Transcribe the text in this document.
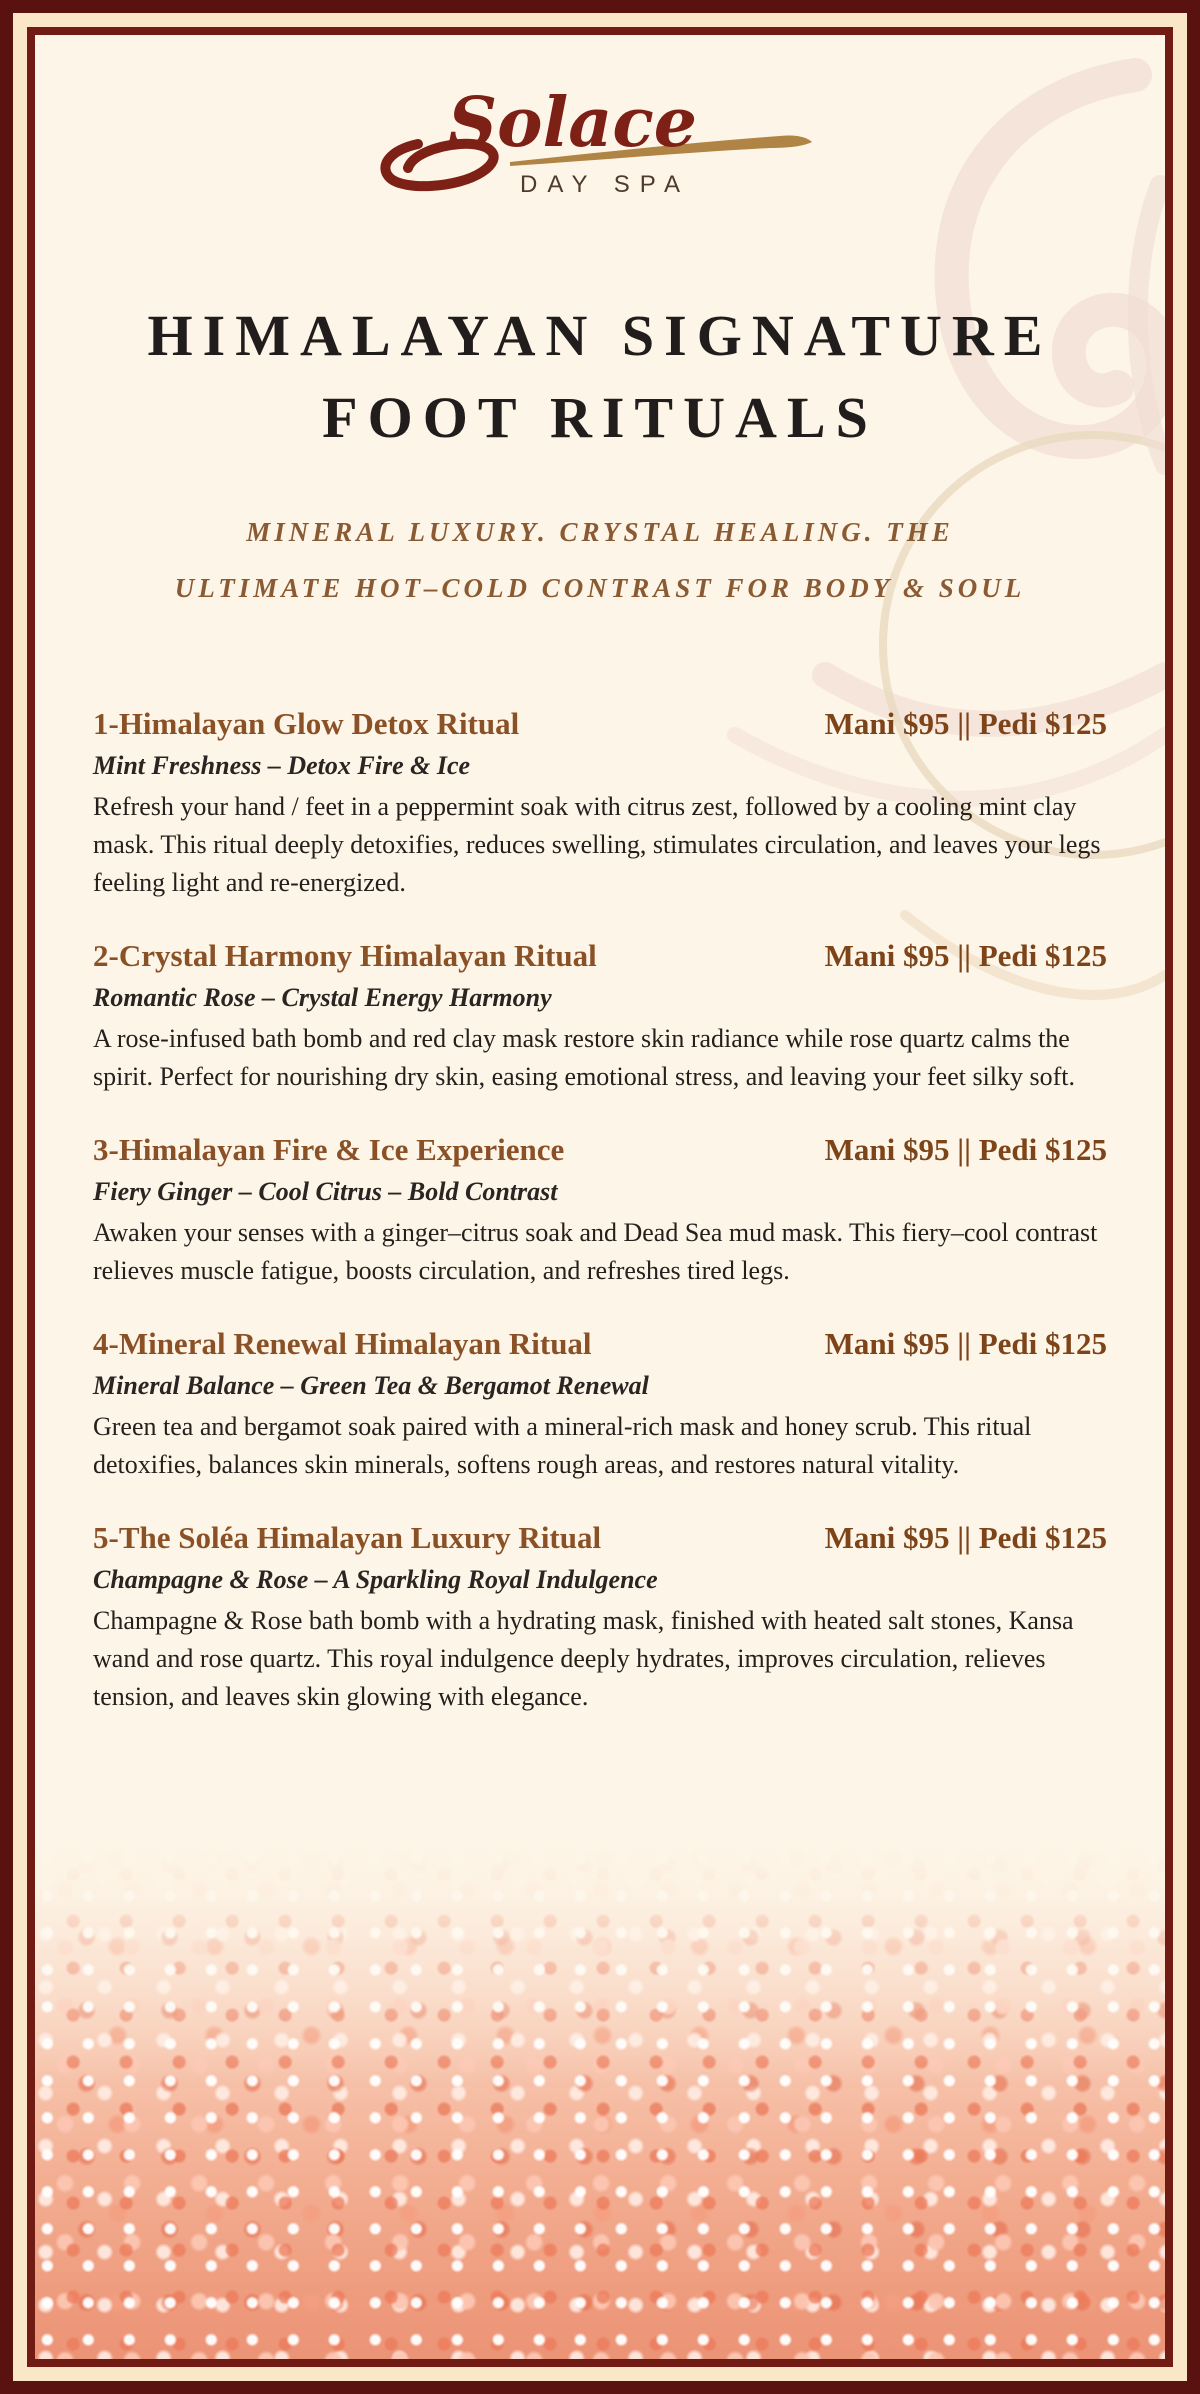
Solace
DAY SPA
HIMALAYAN SIGNATURE
FOOT RITUALS
MINERAL LUXURY. CRYSTAL HEALING. THE
ULTIMATE HOT–COLD CONTRAST FOR BODY & SOUL
1-Himalayan Glow Detox Ritual	Mani $95 || Pedi $125
Mint Freshness – Detox Fire & Ice
Refresh your hand / feet in a peppermint soak with citrus zest, followed by a cooling mint clay mask. This ritual deeply detoxifies, reduces swelling, stimulates circulation, and leaves your legs feeling light and re-energized.
2-Crystal Harmony Himalayan Ritual	Mani $95 || Pedi $125
Romantic Rose – Crystal Energy Harmony
A rose-infused bath bomb and red clay mask restore skin radiance while rose quartz calms the spirit. Perfect for nourishing dry skin, easing emotional stress, and leaving your feet silky soft.
3-Himalayan Fire & Ice Experience	Mani $95 || Pedi $125
Fiery Ginger – Cool Citrus – Bold Contrast
Awaken your senses with a ginger–citrus soak and Dead Sea mud mask. This fiery–cool contrast relieves muscle fatigue, boosts circulation, and refreshes tired legs.
4-Mineral Renewal Himalayan Ritual	Mani $95 || Pedi $125
Mineral Balance – Green Tea & Bergamot Renewal
Green tea and bergamot soak paired with a mineral-rich mask and honey scrub. This ritual detoxifies, balances skin minerals, softens rough areas, and restores natural vitality.
5-The Soléa Himalayan Luxury Ritual	Mani $95 || Pedi $125
Champagne & Rose – A Sparkling Royal Indulgence
Champagne & Rose bath bomb with a hydrating mask, finished with heated salt stones, Kansa wand and rose quartz. This royal indulgence deeply hydrates, improves circulation, relieves tension, and leaves skin glowing with elegance.
